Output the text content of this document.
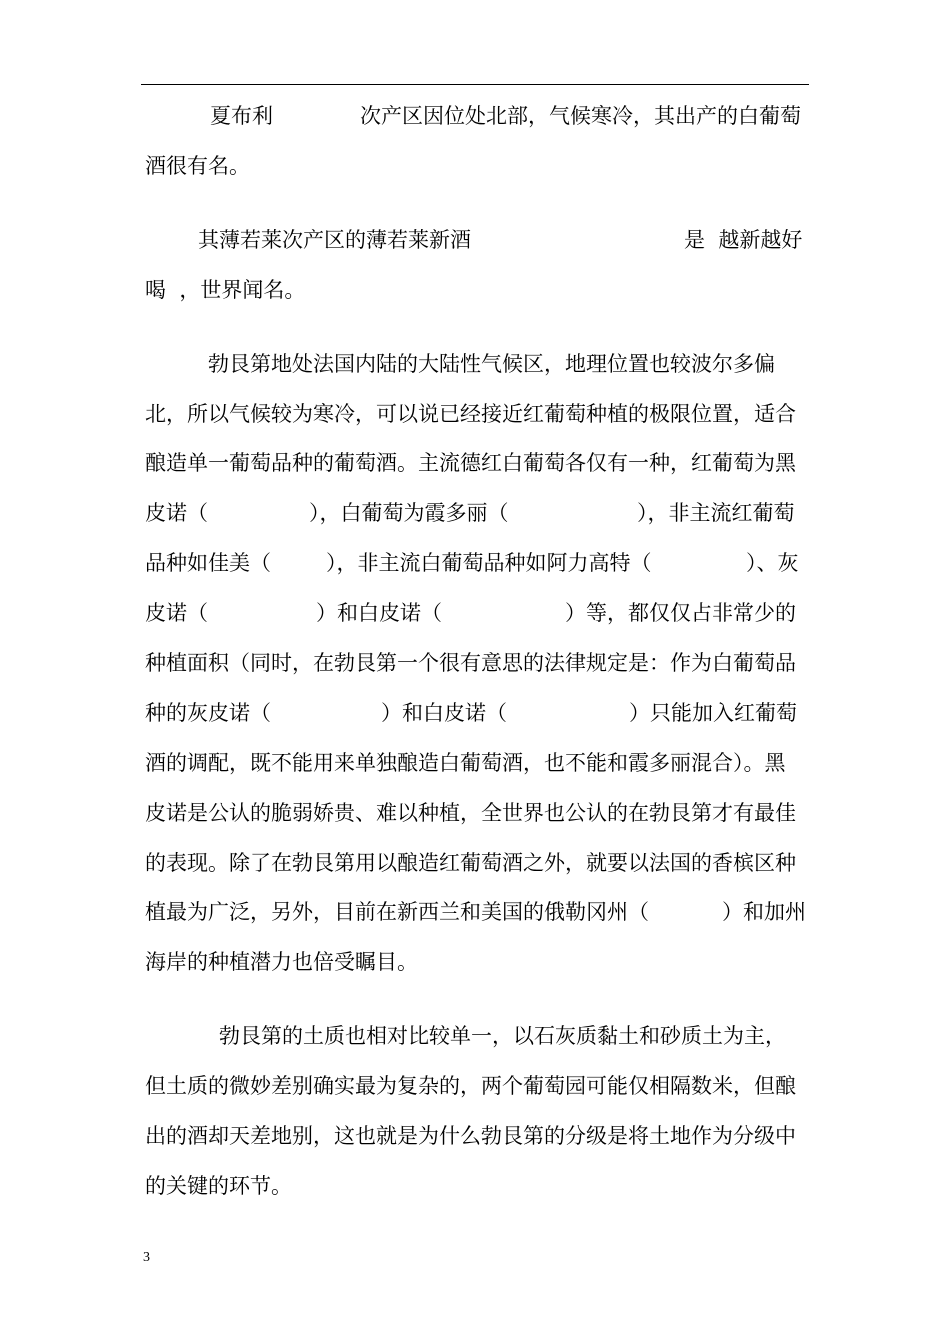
夏布利	次产区因位处北部，气候寒冷，其出产的白葡萄
酒很有名。
其薄若莱次产区的薄若莱新酒	是  越新越好
喝  ，世界闻名。
勃艮第地处法国内陆的大陆性气候区，地理位置也较波尔多偏
北，所以气候较为寒冷，可以说已经接近红葡萄种植的极限位置，适合
酿造单一葡萄品种的葡萄酒。主流德红白葡萄各仅有一种，红葡萄为黑
皮诺（	），白葡萄为霞多丽（	），非主流红葡萄
品种如佳美（	），非主流白葡萄品种如阿力高特（	）、灰
皮诺（	）和白皮诺（	）等，都仅仅占非常少的
种植面积（同时，在勃艮第一个很有意思的法律规定是：作为白葡萄品
种的灰皮诺（	）和白皮诺（	）只能加入红葡萄
酒的调配，既不能用来单独酿造白葡萄酒，也不能和霞多丽混合）。黑
皮诺是公认的脆弱娇贵、难以种植，全世界也公认的在勃艮第才有最佳
的表现。除了在勃艮第用以酿造红葡萄酒之外，就要以法国的香槟区种
植最为广泛，另外，目前在新西兰和美国的俄勒冈州（	）和加州
海岸的种植潜力也倍受瞩目。
勃艮第的土质也相对比较单一，以石灰质黏土和砂质土为主，
但土质的微妙差别确实最为复杂的，两个葡萄园可能仅相隔数米，但酿
出的酒却天差地别，这也就是为什么勃艮第的分级是将土地作为分级中
的关键的环节。
3
